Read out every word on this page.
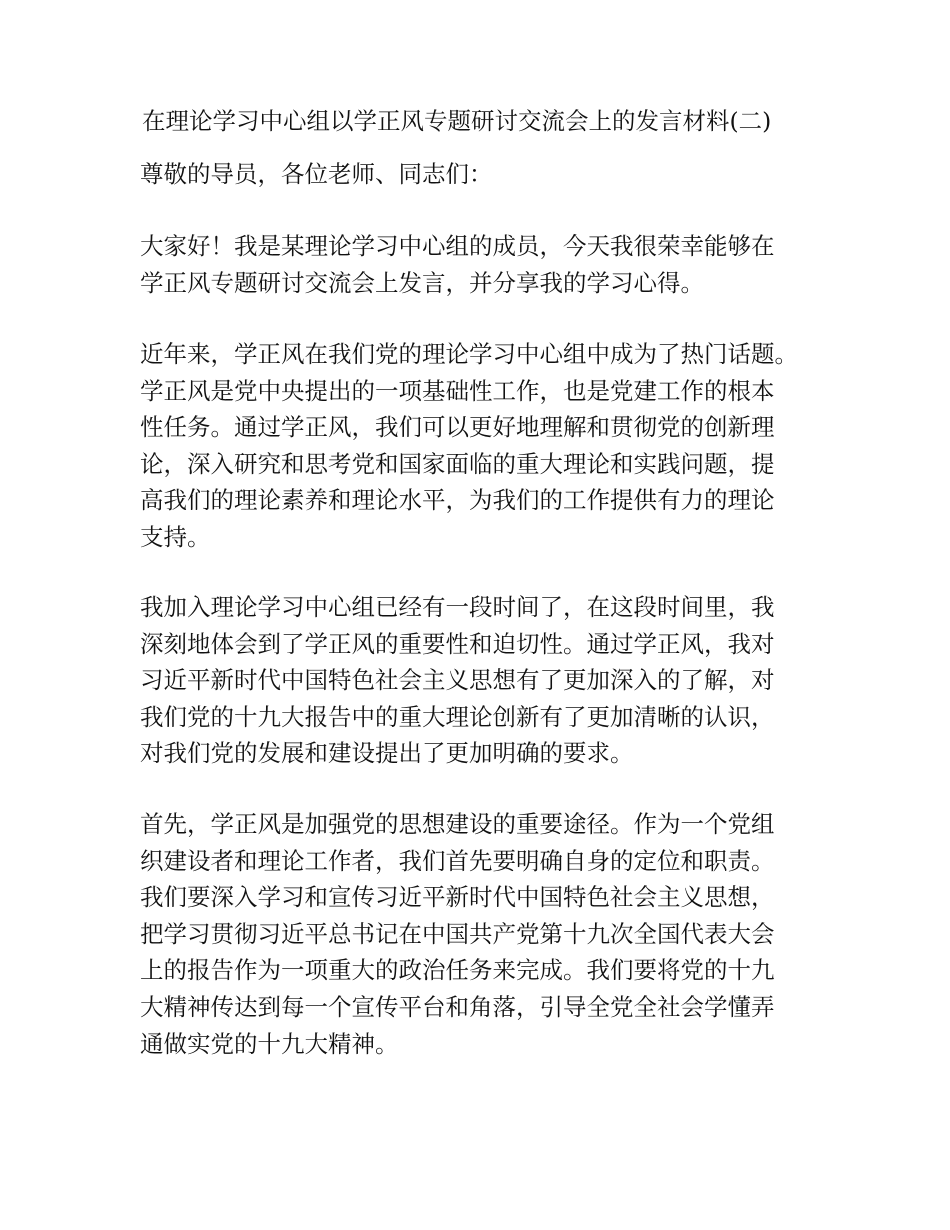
在理论学习中心组以学正风专题研讨交流会上的发言材料(二)

尊敬的导员，各位老师、同志们：

大家好！我是某理论学习中心组的成员，今天我很荣幸能够在
学正风专题研讨交流会上发言，并分享我的学习心得。

近年来，学正风在我们党的理论学习中心组中成为了热门话题。
学正风是党中央提出的一项基础性工作，也是党建工作的根本
性任务。通过学正风，我们可以更好地理解和贯彻党的创新理
论，深入研究和思考党和国家面临的重大理论和实践问题，提
高我们的理论素养和理论水平，为我们的工作提供有力的理论
支持。

我加入理论学习中心组已经有一段时间了，在这段时间里，我
深刻地体会到了学正风的重要性和迫切性。通过学正风，我对
习近平新时代中国特色社会主义思想有了更加深入的了解，对
我们党的十九大报告中的重大理论创新有了更加清晰的认识，
对我们党的发展和建设提出了更加明确的要求。

首先，学正风是加强党的思想建设的重要途径。作为一个党组
织建设者和理论工作者，我们首先要明确自身的定位和职责。
我们要深入学习和宣传习近平新时代中国特色社会主义思想，
把学习贯彻习近平总书记在中国共产党第十九次全国代表大会
上的报告作为一项重大的政治任务来完成。我们要将党的十九
大精神传达到每一个宣传平台和角落，引导全党全社会学懂弄
通做实党的十九大精神。
